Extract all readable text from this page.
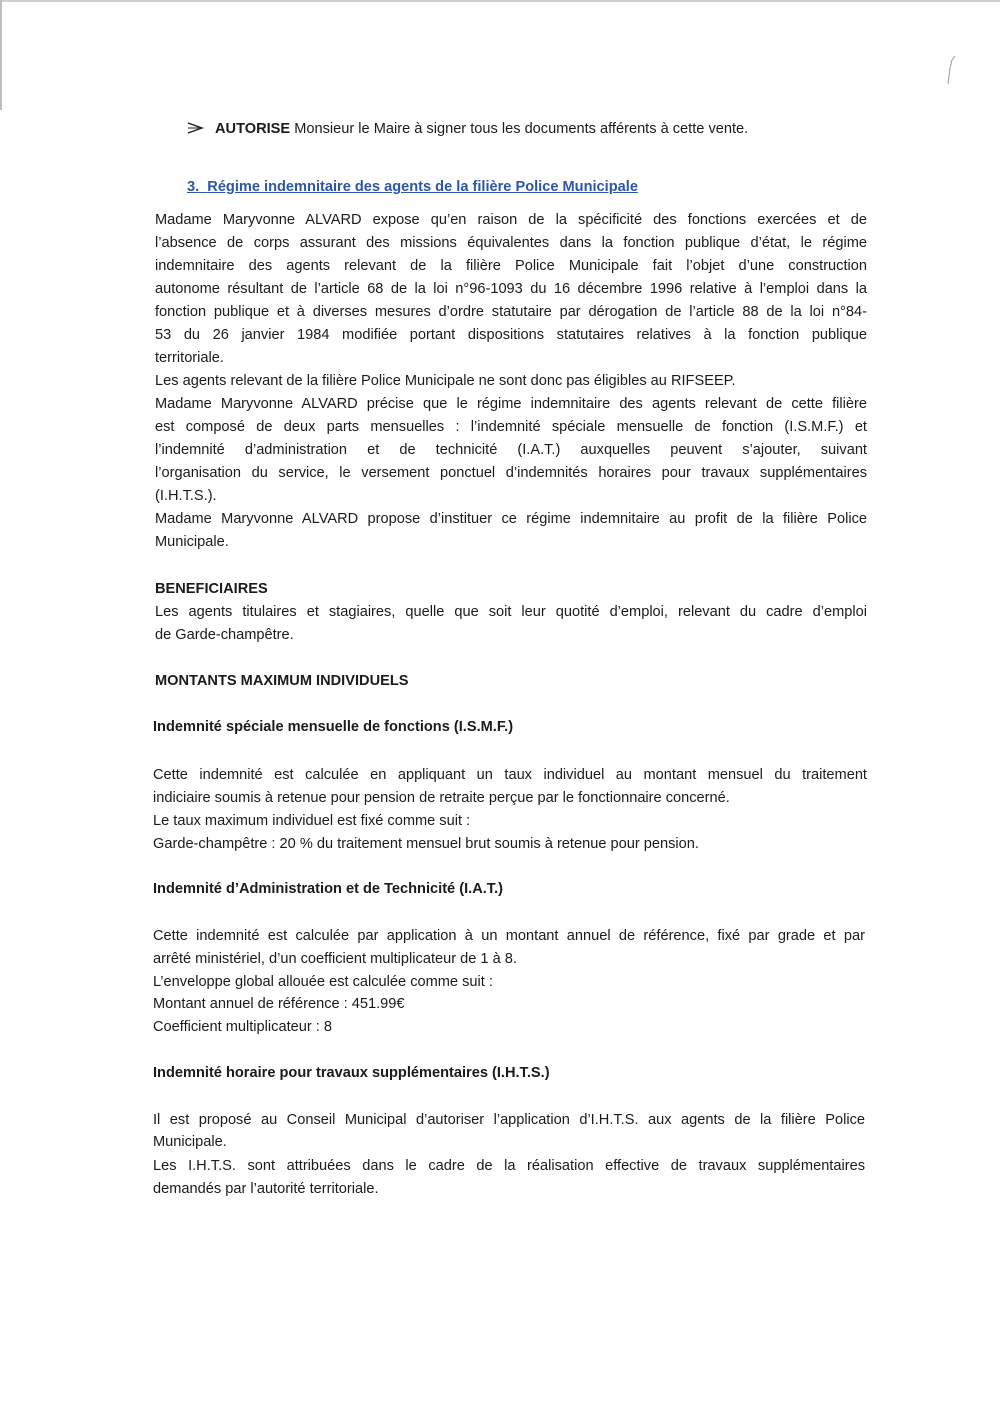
AUTORISE Monsieur le Maire à signer tous les documents afférents à cette vente.
3. Régime indemnitaire des agents de la filière Police Municipale
Madame Maryvonne ALVARD expose qu’en raison de la spécificité des fonctions exercées et de
l’absence de corps assurant des missions équivalentes dans la fonction publique d’état, le régime
indemnitaire des agents relevant de la filière Police Municipale fait l’objet d’une construction
autonome résultant de l’article 68 de la loi n°96-1093 du 16 décembre 1996 relative à l’emploi dans la
fonction publique et à diverses mesures d’ordre statutaire par dérogation de l’article 88 de la loi n°84-
53 du 26 janvier 1984 modifiée portant dispositions statutaires relatives à la fonction publique
territoriale.
Les agents relevant de la filière Police Municipale ne sont donc pas éligibles au RIFSEEP.
Madame Maryvonne ALVARD précise que le régime indemnitaire des agents relevant de cette filière
est composé de deux parts mensuelles : l’indemnité spéciale mensuelle de fonction (I.S.M.F.) et
l’indemnité d’administration et de technicité (I.A.T.) auxquelles peuvent s’ajouter, suivant
l’organisation du service, le versement ponctuel d’indemnités horaires pour travaux supplémentaires
(I.H.T.S.).
Madame Maryvonne ALVARD propose d’instituer ce régime indemnitaire au profit de la filière Police
Municipale.
BENEFICIAIRES
Les agents titulaires et stagiaires, quelle que soit leur quotité d’emploi, relevant du cadre d’emploi
de Garde-champêtre.
MONTANTS MAXIMUM INDIVIDUELS
Indemnité spéciale mensuelle de fonctions (I.S.M.F.)
Cette indemnité est calculée en appliquant un taux individuel au montant mensuel du traitement
indiciaire soumis à retenue pour pension de retraite perçue par le fonctionnaire concerné.
Le taux maximum individuel est fixé comme suit :
Garde-champêtre : 20 % du traitement mensuel brut soumis à retenue pour pension.
Indemnité d’Administration et de Technicité (I.A.T.)
Cette indemnité est calculée par application à un montant annuel de référence, fixé par grade et par
arrêté ministériel, d’un coefficient multiplicateur de 1 à 8.
L’enveloppe global allouée est calculée comme suit :
Montant annuel de référence : 451.99€
Coefficient multiplicateur : 8
Indemnité horaire pour travaux supplémentaires (I.H.T.S.)
Il est proposé au Conseil Municipal d’autoriser l’application d’I.H.T.S. aux agents de la filière Police
Municipale.
Les I.H.T.S. sont attribuées dans le cadre de la réalisation effective de travaux supplémentaires
demandés par l’autorité territoriale.
